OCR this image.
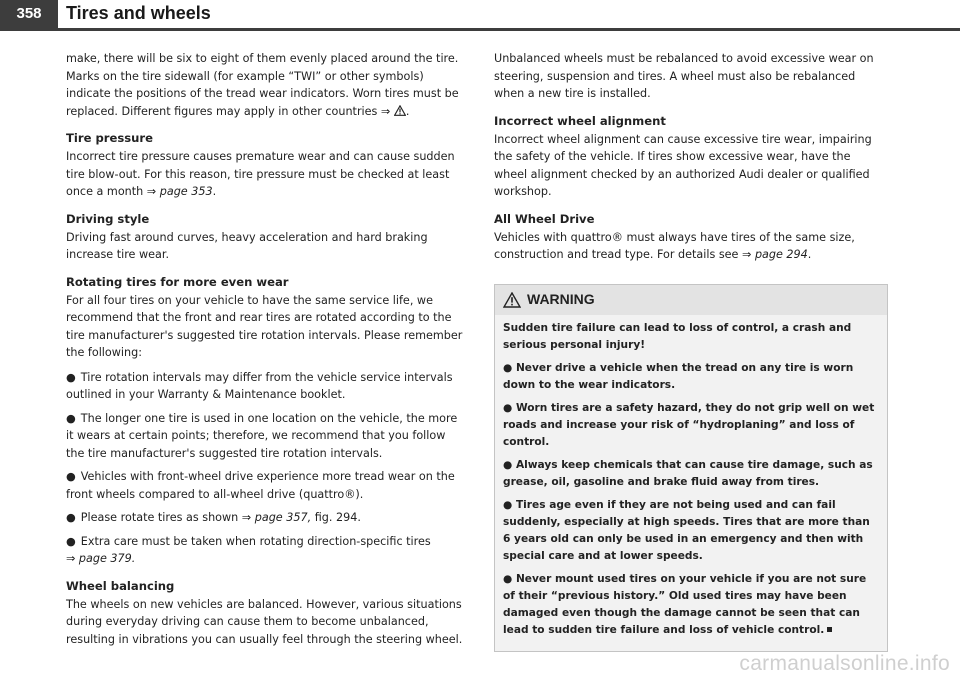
358	Tires and wheels

make, there will be six to eight of them evenly placed around the tire. Marks on the tire sidewall (for example “TWI” or other symbols) indicate the positions of the tread wear indicators. Worn tires must be replaced. Different figures may apply in other countries ⇒ .

Tire pressure

Incorrect tire pressure causes premature wear and can cause sudden tire blow-out. For this reason, tire pressure must be checked at least once a month ⇒ page 353.

Driving style

Driving fast around curves, heavy acceleration and hard braking increase tire wear.

Rotating tires for more even wear

For all four tires on your vehicle to have the same service life, we recommend that the front and rear tires are rotated according to the tire manufacturer's suggested tire rotation intervals. Please remember the following:

● Tire rotation intervals may differ from the vehicle service intervals outlined in your Warranty & Maintenance booklet.
● The longer one tire is used in one location on the vehicle, the more it wears at certain points; therefore, we recommend that you follow the tire manufacturer's suggested tire rotation intervals.
● Vehicles with front-wheel drive experience more tread wear on the front wheels compared to all-wheel drive (quattro®).
● Please rotate tires as shown ⇒ page 357, fig. 294.
● Extra care must be taken when rotating direction-specific tires
⇒ page 379.
Wheel balancing

The wheels on new vehicles are balanced. However, various situations during everyday driving can cause them to become unbalanced, resulting in vibrations you can usually feel through the steering wheel.

Unbalanced wheels must be rebalanced to avoid excessive wear on steering, suspension and tires. A wheel must also be rebalanced when a new tire is installed.

Incorrect wheel alignment

Incorrect wheel alignment can cause excessive tire wear, impairing the safety of the vehicle. If tires show excessive wear, have the wheel alignment checked by an authorized Audi dealer or qualified workshop.

All Wheel Drive

Vehicles with quattro® must always have tires of the same size, construction and tread type. For details see ⇒ page 294.

WARNING

Sudden tire failure can lead to loss of control, a crash and serious personal injury!

● Never drive a vehicle when the tread on any tire is worn down to the wear indicators.

● Worn tires are a safety hazard, they do not grip well on wet roads and increase your risk of “hydroplaning” and loss of control.

● Always keep chemicals that can cause tire damage, such as grease, oil, gasoline and brake fluid away from tires.

● Tires age even if they are not being used and can fail suddenly, especially at high speeds. Tires that are more than 6 years old can only be used in an emergency and then with special care and at lower speeds.

● Never mount used tires on your vehicle if you are not sure of their “previous history.” Old used tires may have been damaged even though the damage cannot be seen that can lead to sudden tire failure and loss of vehicle control.

carmanualsonline.info
